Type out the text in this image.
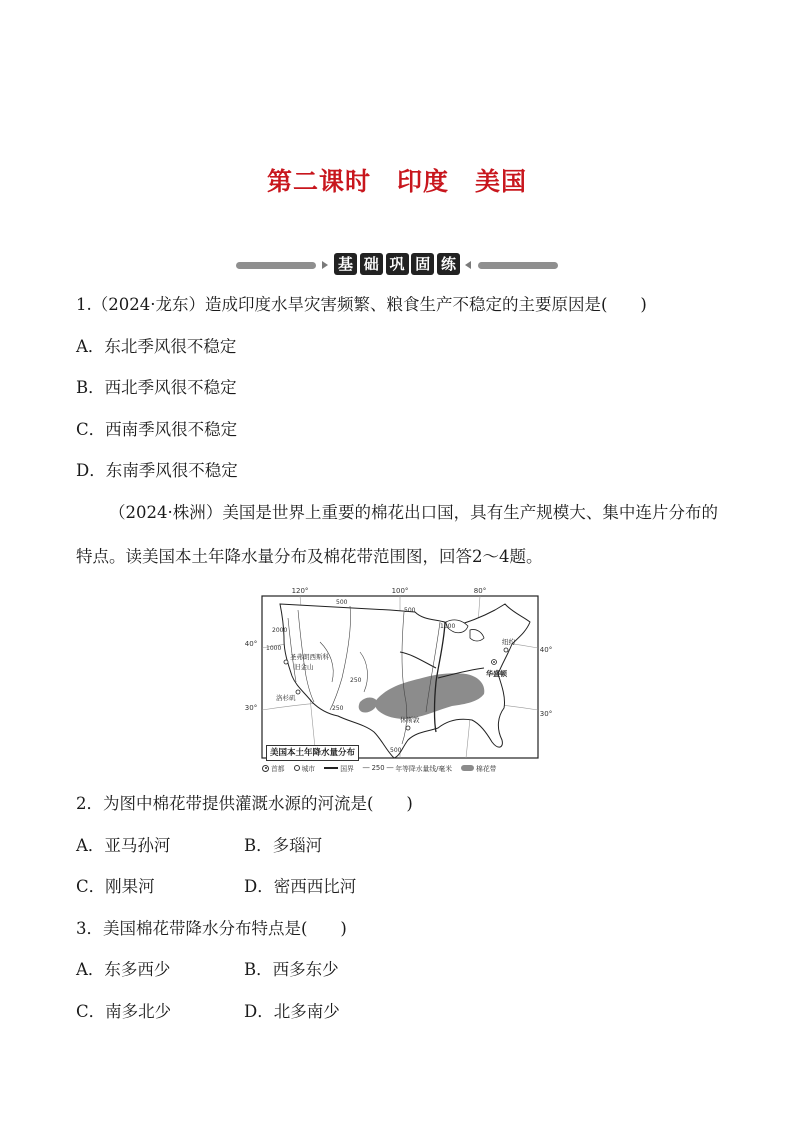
第二课时　印度　美国
基 础 巩 固 练
1.（2024·龙东）造成印度水旱灾害频繁、粮食生产不稳定的主要原因是(　　)
A．东北季风很不稳定
B．西北季风很不稳定
C．西南季风很不稳定
D．东南季风很不稳定

（2024·株洲）美国是世界上重要的棉花出口国，具有生产规模大、集中连片分布的特点。读美国本土年降水量分布及棉花带范围图，回答2～4题。

120°	100°	80°
40°
30°
40°
30°
2000
1000
500
500
250
500
250
1000
圣弗朗西斯科
旧金山
洛杉矶
纽约
华盛顿
休斯敦
美国本土年降水量分布
首都	城市	国界 ― 250 ― 年等降水量线/毫米	棉花带
2．为图中棉花带提供灌溉水源的河流是(　　)
A．亚马孙河	B．多瑙河
C．刚果河	D．密西西比河
3．美国棉花带降水分布特点是(　　)
A．东多西少	B．西多东少
C．南多北少	D．北多南少
